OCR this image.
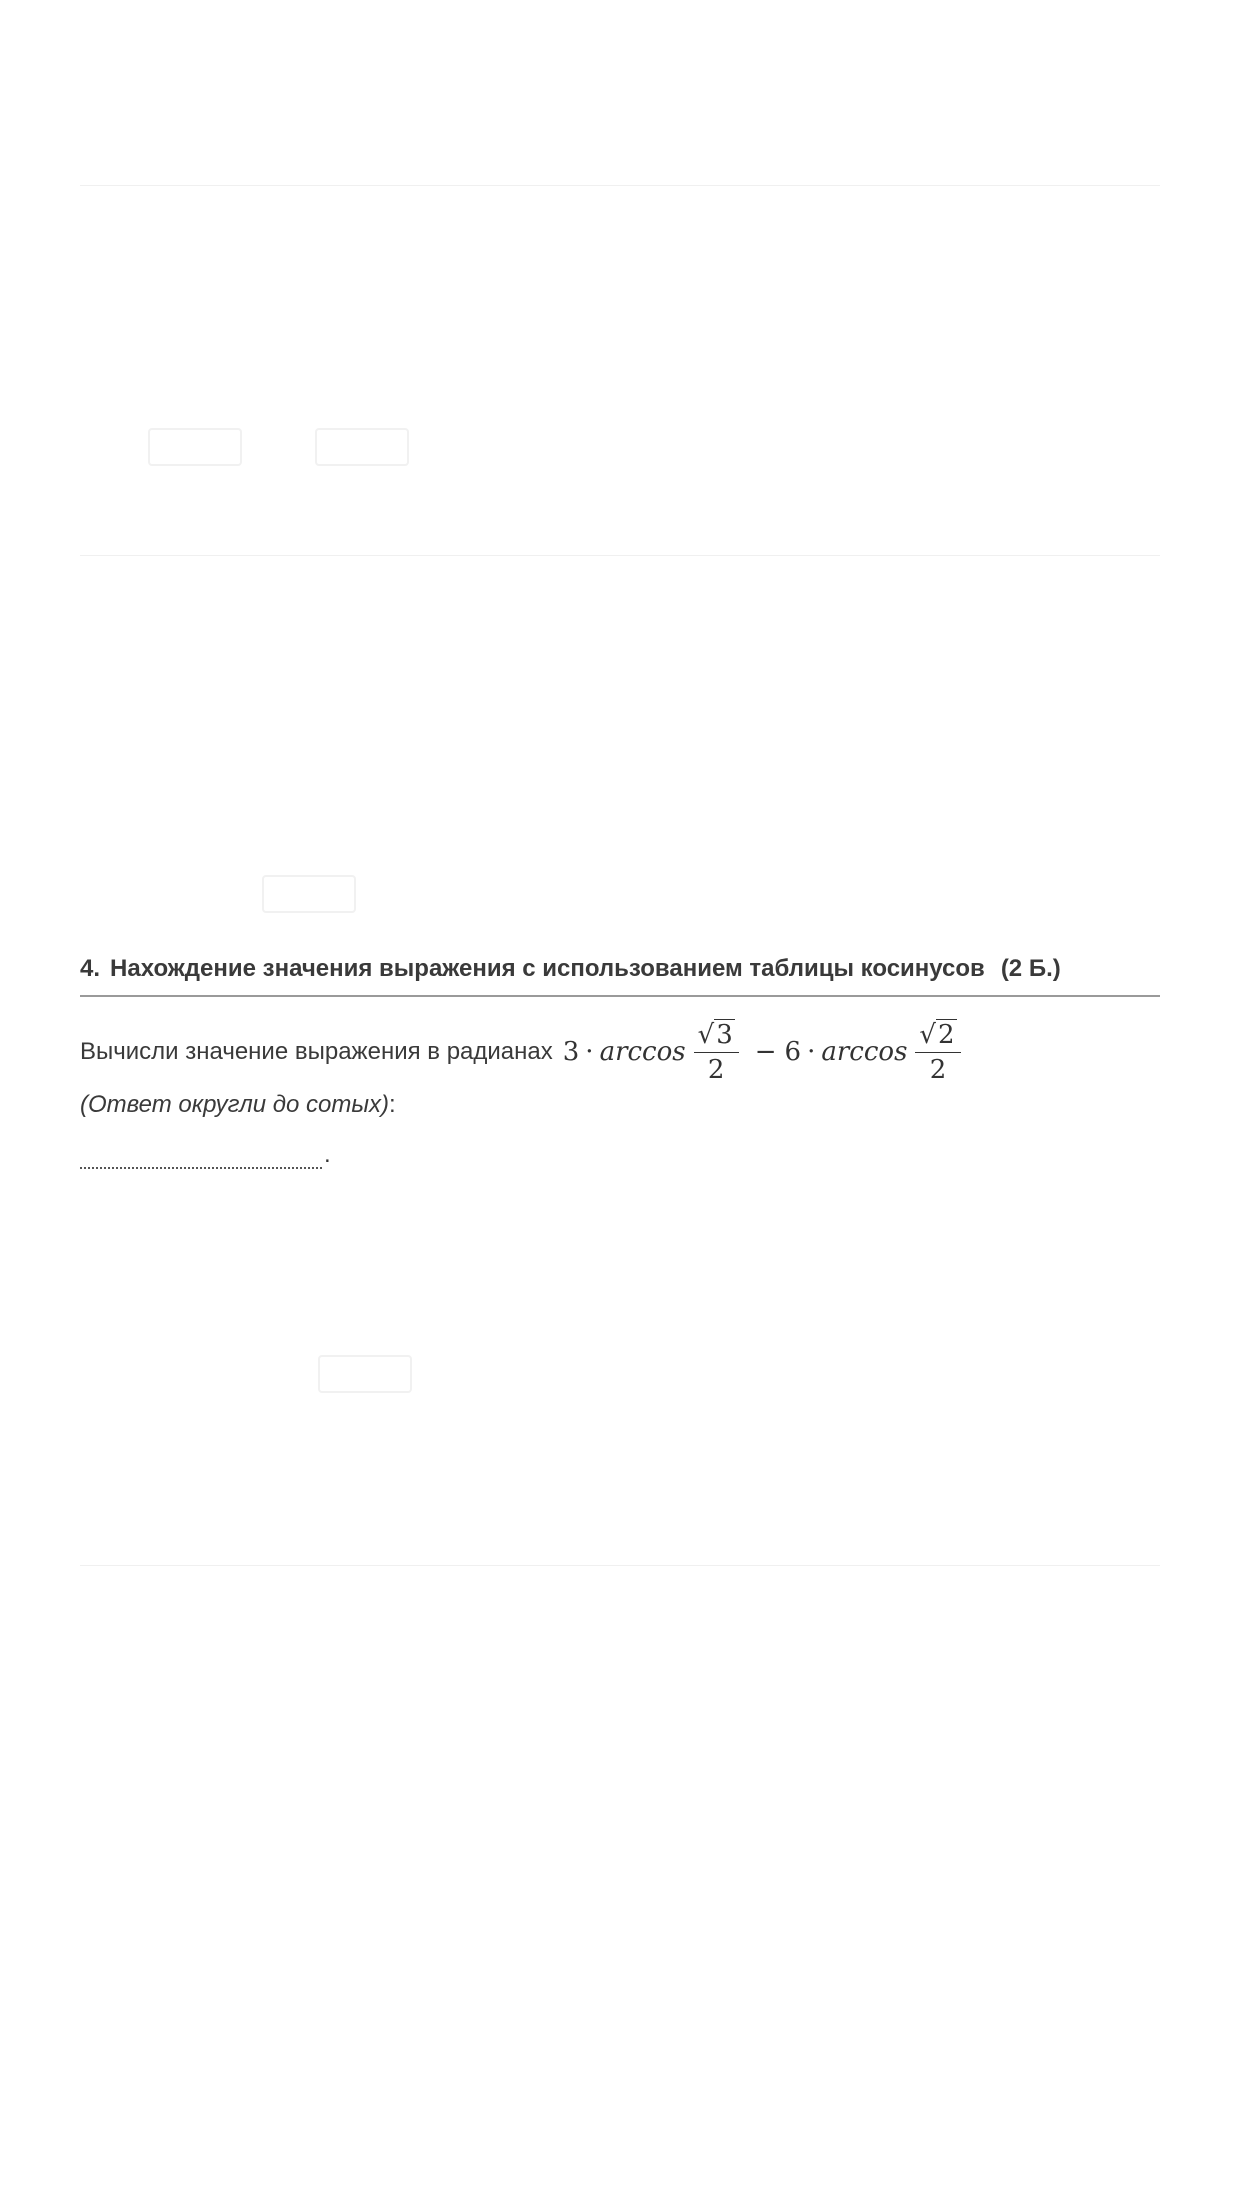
4. Нахождение значения выражения с использованием таблицы косинусов (2 Б.)
Вычисли значение выражения в радианах $3 \cdot \arccos \frac{√ 3}{2} - 6 \cdot \arccos \frac{√ 2}{2}$
(Ответ округли до сотых):
.
